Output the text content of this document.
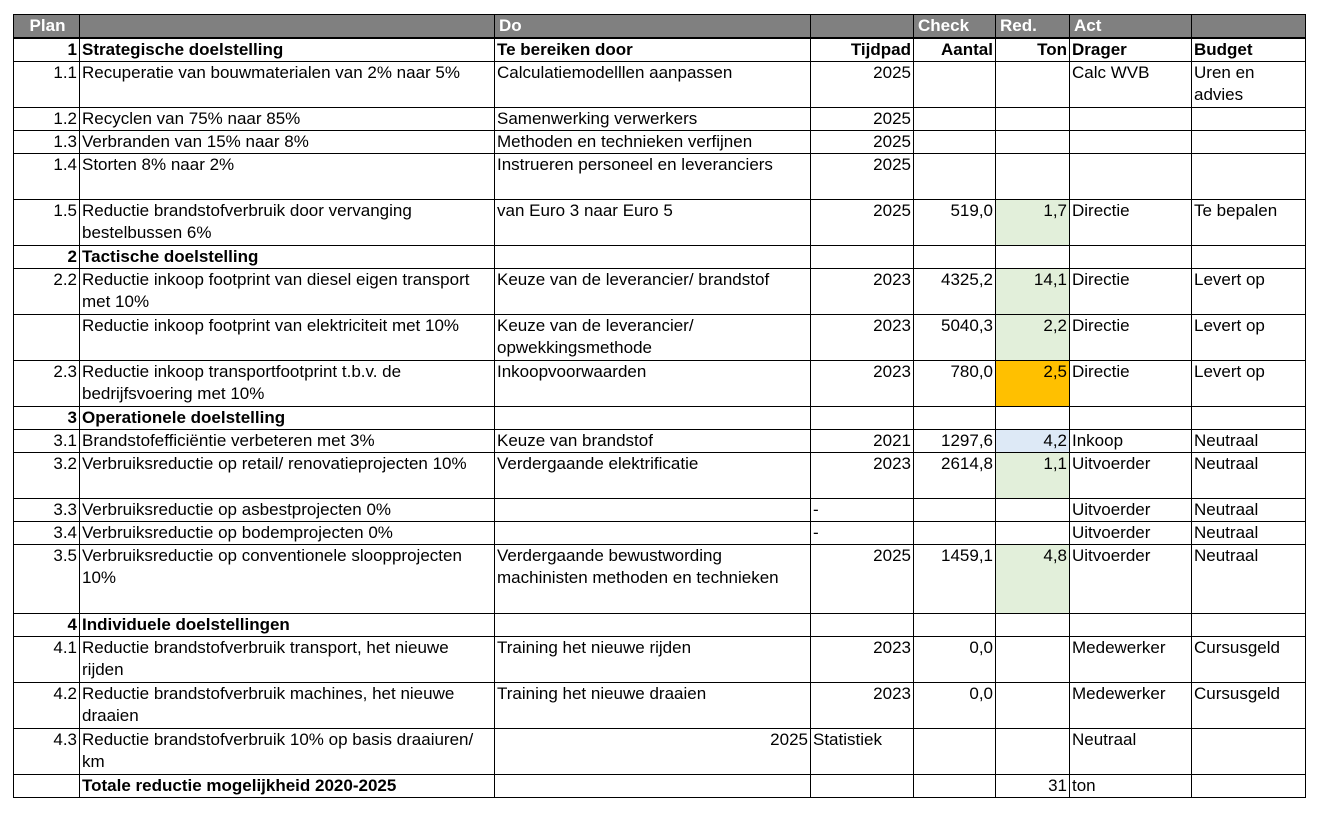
Plan		Do		Check	Red.	Act	
1	Strategische doelstelling	Te bereiken door	Tijdpad	Aantal	Ton	Drager	Budget
1.1	Recuperatie van bouwmaterialen van 2% naar 5%	Calculatiemodelllen aanpassen	2025			Calc WVB	Uren en advies
1.2	Recyclen van 75% naar 85%	Samenwerking verwerkers	2025				
1.3	Verbranden van 15% naar 8%	Methoden en technieken verfijnen	2025				
1.4	Storten 8% naar 2%	Instrueren personeel en leveranciers	2025				
1.5	Reductie brandstofverbruik door vervanging bestelbussen 6%	van Euro 3 naar Euro 5	2025	519,0	1,7	Directie	Te bepalen
2	Tactische doelstelling						
2.2	Reductie inkoop footprint van diesel eigen transport met 10%	Keuze van de leverancier/ brandstof	2023	4325,2	14,1	Directie	Levert op
	Reductie inkoop footprint van elektriciteit met 10%	Keuze van de leverancier/ opwekkingsmethode	2023	5040,3	2,2	Directie	Levert op
2.3	Reductie inkoop transportfootprint t.b.v. de bedrijfsvoering met 10%	Inkoopvoorwaarden	2023	780,0	2,5	Directie	Levert op
3	Operationele doelstelling						
3.1	Brandstofefficiëntie verbeteren met 3%	Keuze van brandstof	2021	1297,6	4,2	Inkoop	Neutraal
3.2	Verbruiksreductie op retail/ renovatieprojecten 10%	Verdergaande elektrificatie	2023	2614,8	1,1	Uitvoerder	Neutraal
3.3	Verbruiksreductie op asbestprojecten 0%		-			Uitvoerder	Neutraal
3.4	Verbruiksreductie op bodemprojecten 0%		-			Uitvoerder	Neutraal
3.5	Verbruiksreductie op conventionele sloopprojecten 10%	Verdergaande bewustwording machinisten methoden en technieken	2025	1459,1	4,8	Uitvoerder	Neutraal
4	Individuele doelstellingen						
4.1	Reductie brandstofverbruik transport, het nieuwe rijden	Training het nieuwe rijden	2023	0,0		Medewerker	Cursusgeld
4.2	Reductie brandstofverbruik machines, het nieuwe draaien	Training het nieuwe draaien	2023	0,0		Medewerker	Cursusgeld
4.3	Reductie brandstofverbruik 10% op basis draaiuren/ km	2025	Statistiek			Neutraal	
	Totale reductie mogelijkheid 2020-2025				31	ton	
